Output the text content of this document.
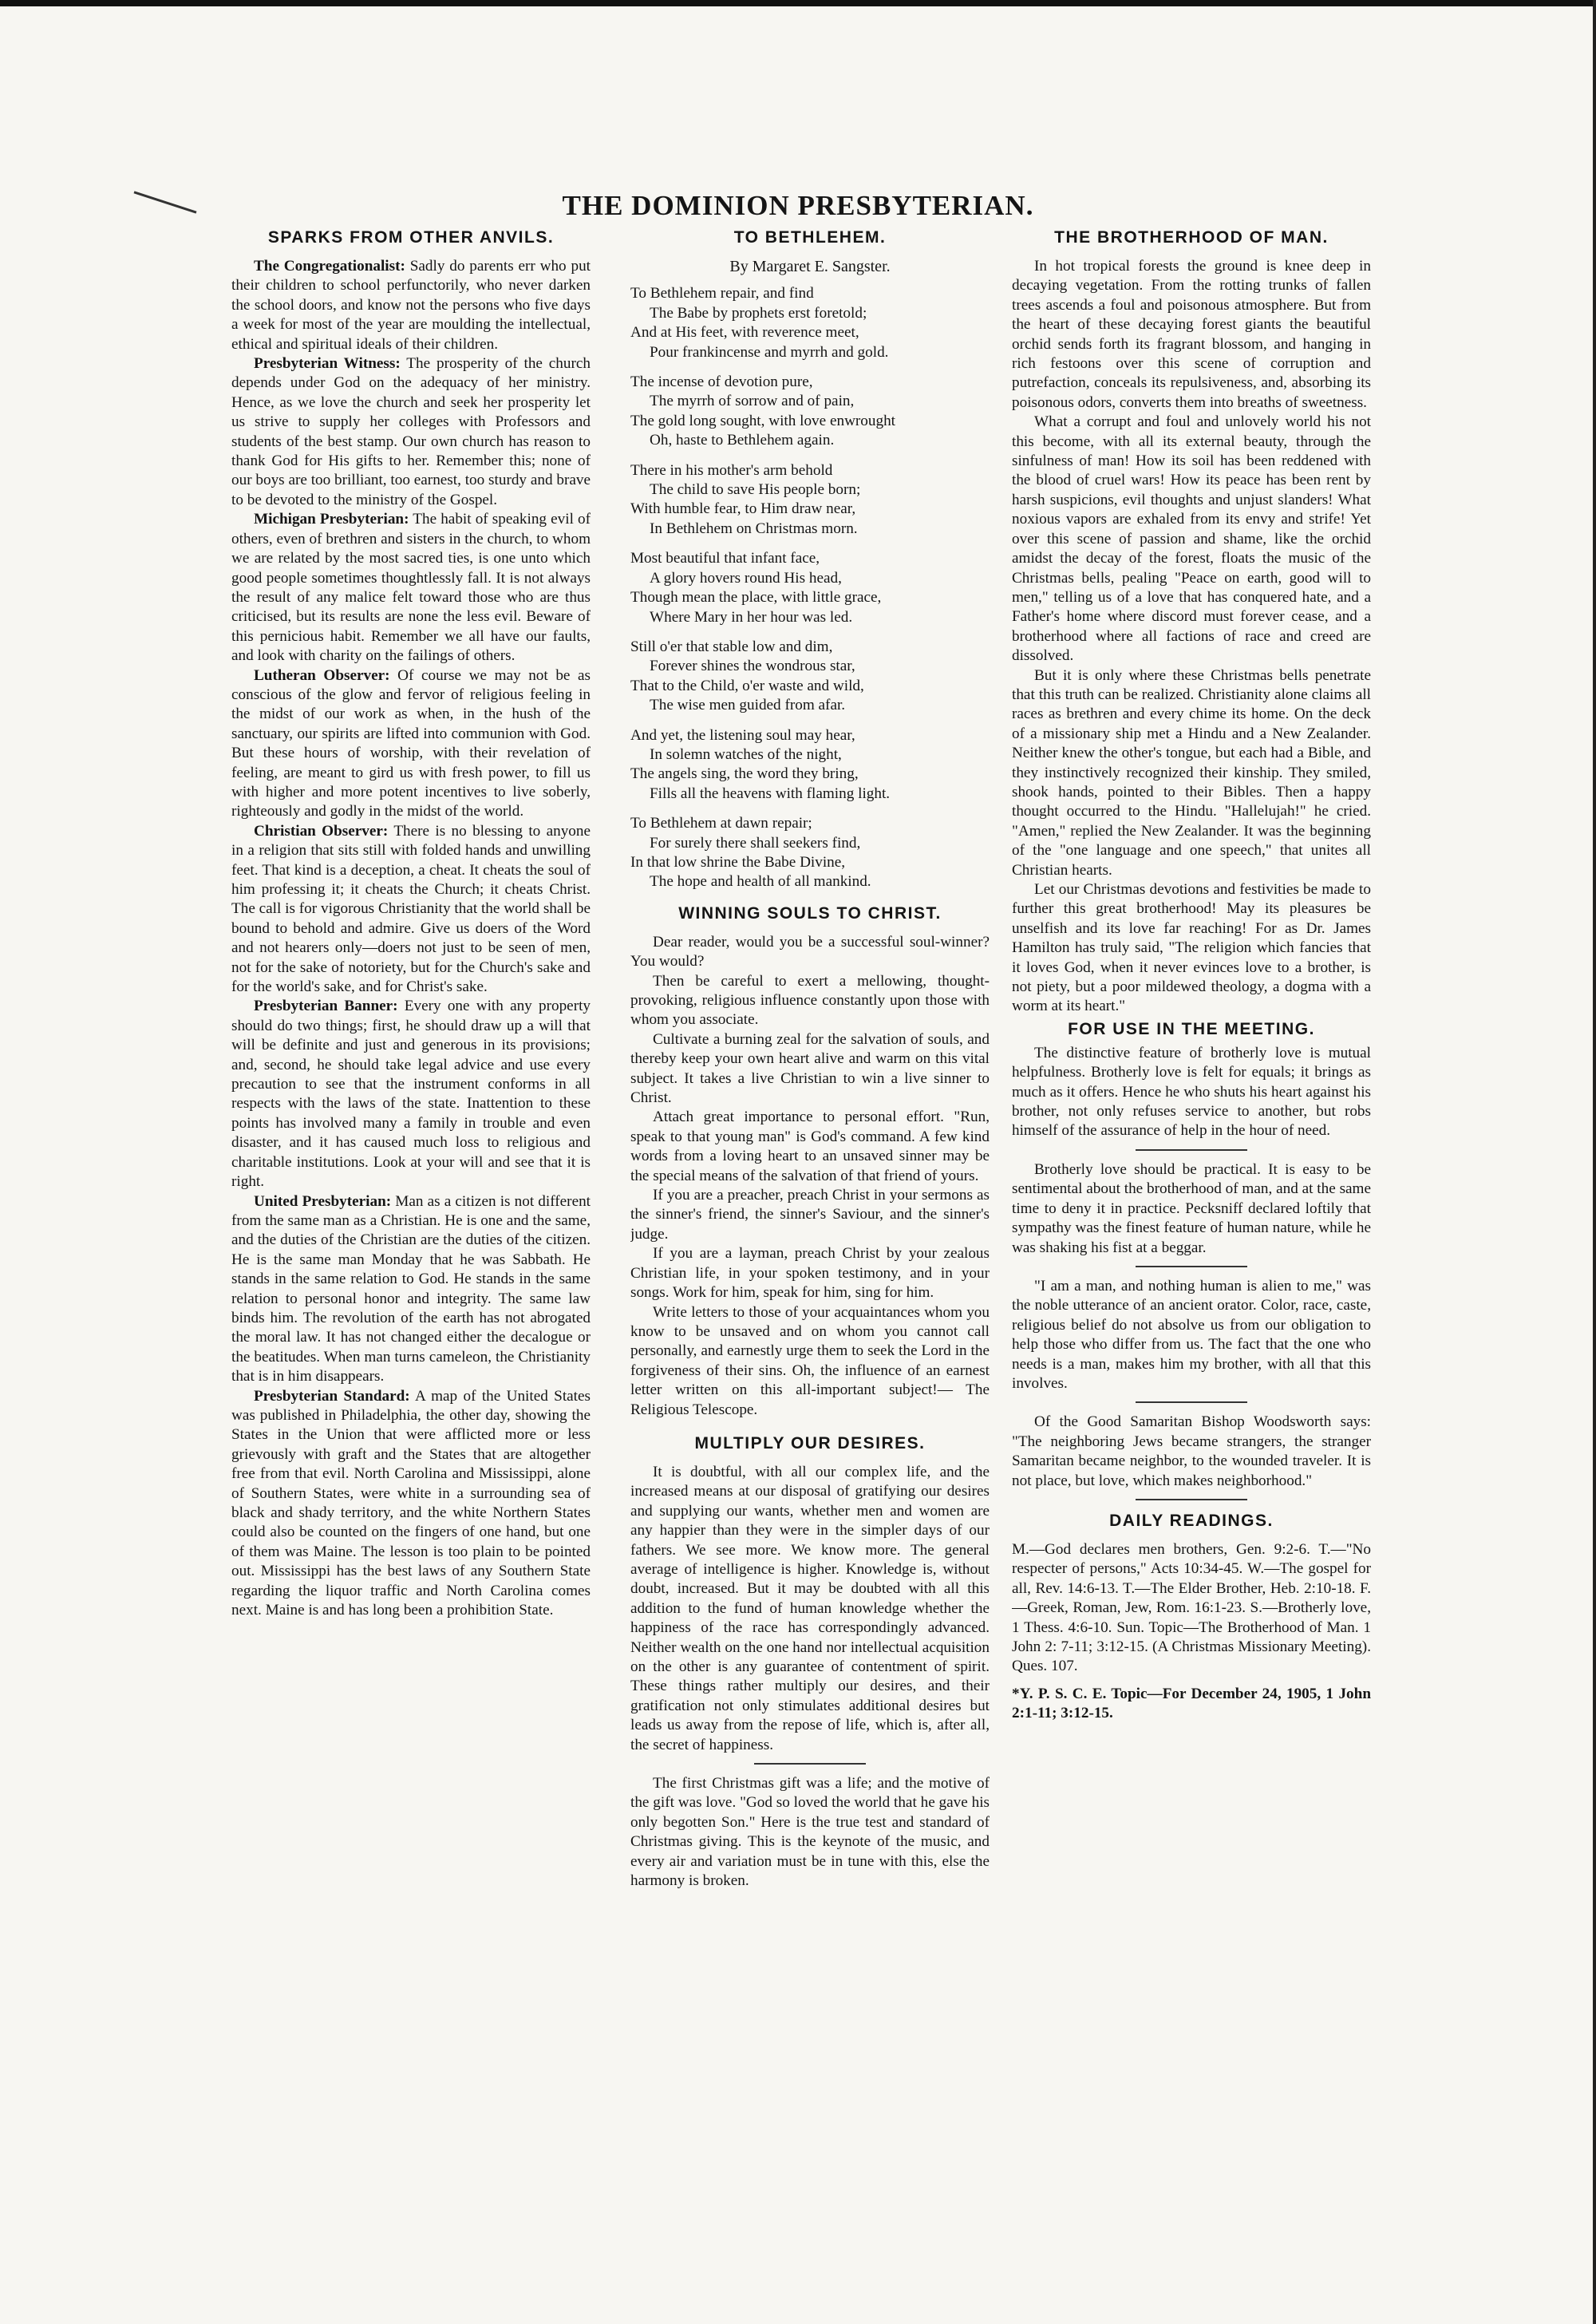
THE DOMINION PRESBYTERIAN.
SPARKS FROM OTHER ANVILS.

The Congregationalist: Sadly do parents err who put their children to school perfunctorily, who never darken the school doors, and know not the persons who five days a week for most of the year are moulding the intellectual, ethical and spiritual ideals of their children.

Presbyterian Witness: The prosperity of the church depends under God on the adequacy of her ministry. Hence, as we love the church and seek her prosperity let us strive to supply her colleges with Professors and students of the best stamp. Our own church has reason to thank God for His gifts to her. Remember this; none of our boys are too brilliant, too earnest, too sturdy and brave to be devoted to the ministry of the Gospel.

Michigan Presbyterian: The habit of speaking evil of others, even of brethren and sisters in the church, to whom we are related by the most sacred ties, is one unto which good people sometimes thoughtlessly fall. It is not always the result of any malice felt toward those who are thus criticised, but its results are none the less evil. Beware of this pernicious habit. Remember we all have our faults, and look with charity on the failings of others.

Lutheran Observer: Of course we may not be as conscious of the glow and fervor of religious feeling in the midst of our work as when, in the hush of the sanctuary, our spirits are lifted into communion with God. But these hours of worship, with their revelation of feeling, are meant to gird us with fresh power, to fill us with higher and more potent incentives to live soberly, righteously and godly in the midst of the world.

Christian Observer: There is no blessing to anyone in a religion that sits still with folded hands and unwilling feet. That kind is a deception, a cheat. It cheats the soul of him professing it; it cheats the Church; it cheats Christ. The call is for vigorous Christianity that the world shall be bound to behold and admire. Give us doers of the Word and not hearers only—doers not just to be seen of men, not for the sake of notoriety, but for the Church's sake and for the world's sake, and for Christ's sake.

Presbyterian Banner: Every one with any property should do two things; first, he should draw up a will that will be definite and just and generous in its provisions; and, second, he should take legal advice and use every precaution to see that the instrument conforms in all respects with the laws of the state. Inattention to these points has involved many a family in trouble and even disaster, and it has caused much loss to religious and charitable institutions. Look at your will and see that it is right.

United Presbyterian: Man as a citizen is not different from the same man as a Christian. He is one and the same, and the duties of the Christian are the duties of the citizen. He is the same man Monday that he was Sabbath. He stands in the same relation to God. He stands in the same relation to personal honor and integrity. The same law binds him. The revolution of the earth has not abrogated the moral law. It has not changed either the decalogue or the beatitudes. When man turns cameleon, the Christianity that is in him disappears.

Presbyterian Standard: A map of the United States was published in Philadelphia, the other day, showing the States in the Union that were afflicted more or less grievously with graft and the States that are altogether free from that evil. North Carolina and Mississippi, alone of Southern States, were white in a surrounding sea of black and shady territory, and the white Northern States could also be counted on the fingers of one hand, but one of them was Maine. The lesson is too plain to be pointed out. Mississippi has the best laws of any Southern State regarding the liquor traffic and North Carolina comes next. Maine is and has long been a prohibition State.

TO BETHLEHEM.

By Margaret E. Sangster.

To Bethlehem repair, and find
The Babe by prophets erst foretold;
And at His feet, with reverence meet,
Pour frankincense and myrrh and gold.
The incense of devotion pure,
The myrrh of sorrow and of pain,
The gold long sought, with love enwrought
Oh, haste to Bethlehem again.
There in his mother's arm behold
The child to save His people born;
With humble fear, to Him draw near,
In Bethlehem on Christmas morn.
Most beautiful that infant face,
A glory hovers round His head,
Though mean the place, with little grace,
Where Mary in her hour was led.
Still o'er that stable low and dim,
Forever shines the wondrous star,
That to the Child, o'er waste and wild,
The wise men guided from afar.
And yet, the listening soul may hear,
In solemn watches of the night,
The angels sing, the word they bring,
Fills all the heavens with flaming light.
To Bethlehem at dawn repair;
For surely there shall seekers find,
In that low shrine the Babe Divine,
The hope and health of all mankind.
WINNING SOULS TO CHRIST.

Dear reader, would you be a successful soul-winner? You would?

Then be careful to exert a mellowing, thought-provoking, religious influence constantly upon those with whom you associate.

Cultivate a burning zeal for the salvation of souls, and thereby keep your own heart alive and warm on this vital subject. It takes a live Christian to win a live sinner to Christ.

Attach great importance to personal effort. "Run, speak to that young man" is God's command. A few kind words from a loving heart to an unsaved sinner may be the special means of the salvation of that friend of yours.

If you are a preacher, preach Christ in your sermons as the sinner's friend, the sinner's Saviour, and the sinner's judge.

If you are a layman, preach Christ by your zealous Christian life, in your spoken testimony, and in your songs. Work for him, speak for him, sing for him.

Write letters to those of your acquaintances whom you know to be unsaved and on whom you cannot call personally, and earnestly urge them to seek the Lord in the forgiveness of their sins. Oh, the influence of an earnest letter written on this all-important subject!— The Religious Telescope.

MULTIPLY OUR DESIRES.

It is doubtful, with all our complex life, and the increased means at our disposal of gratifying our desires and supplying our wants, whether men and women are any happier than they were in the simpler days of our fathers. We see more. We know more. The general average of intelligence is higher. Knowledge is, without doubt, increased. But it may be doubted with all this addition to the fund of human knowledge whether the happiness of the race has correspondingly advanced. Neither wealth on the one hand nor intellectual acquisition on the other is any guarantee of contentment of spirit. These things rather multiply our desires, and their gratification not only stimulates additional desires but leads us away from the repose of life, which is, after all, the secret of happiness.

The first Christmas gift was a life; and the motive of the gift was love. "God so loved the world that he gave his only begotten Son." Here is the true test and standard of Christmas giving. This is the keynote of the music, and every air and variation must be in tune with this, else the harmony is broken.

THE BROTHERHOOD OF MAN.

In hot tropical forests the ground is knee deep in decaying vegetation. From the rotting trunks of fallen trees ascends a foul and poisonous atmosphere. But from the heart of these decaying forest giants the beautiful orchid sends forth its fragrant blossom, and hanging in rich festoons over this scene of corruption and putrefaction, conceals its repulsiveness, and, absorbing its poisonous odors, converts them into breaths of sweetness.

What a corrupt and foul and unlovely world his not this become, with all its external beauty, through the sinfulness of man! How its soil has been reddened with the blood of cruel wars! How its peace has been rent by harsh suspicions, evil thoughts and unjust slanders! What noxious vapors are exhaled from its envy and strife! Yet over this scene of passion and shame, like the orchid amidst the decay of the forest, floats the music of the Christmas bells, pealing "Peace on earth, good will to men," telling us of a love that has conquered hate, and a Father's home where discord must forever cease, and a brotherhood where all factions of race and creed are dissolved.

But it is only where these Christmas bells penetrate that this truth can be realized. Christianity alone claims all races as brethren and every chime its home. On the deck of a missionary ship met a Hindu and a New Zealander. Neither knew the other's tongue, but each had a Bible, and they instinctively recognized their kinship. They smiled, shook hands, pointed to their Bibles. Then a happy thought occurred to the Hindu. "Hallelujah!" he cried. "Amen," replied the New Zealander. It was the beginning of the "one language and one speech," that unites all Christian hearts.

Let our Christmas devotions and festivities be made to further this great brotherhood! May its pleasures be unselfish and its love far reaching! For as Dr. James Hamilton has truly said, "The religion which fancies that it loves God, when it never evinces love to a brother, is not piety, but a poor mildewed theology, a dogma with a worm at its heart."

FOR USE IN THE MEETING.

The distinctive feature of brotherly love is mutual helpfulness. Brotherly love is felt for equals; it brings as much as it offers. Hence he who shuts his heart against his brother, not only refuses service to another, but robs himself of the assurance of help in the hour of need.

Brotherly love should be practical. It is easy to be sentimental about the brotherhood of man, and at the same time to deny it in practice. Pecksniff declared loftily that sympathy was the finest feature of human nature, while he was shaking his fist at a beggar.

"I am a man, and nothing human is alien to me," was the noble utterance of an ancient orator. Color, race, caste, religious belief do not absolve us from our obligation to help those who differ from us. The fact that the one who needs is a man, makes him my brother, with all that this involves.

Of the Good Samaritan Bishop Woodsworth says: "The neighboring Jews became strangers, the stranger Samaritan became neighbor, to the wounded traveler. It is not place, but love, which makes neighborhood."

DAILY READINGS.

M.—God declares men brothers, Gen. 9:2-6. T.—"No respecter of persons," Acts 10:34-45. W.—The gospel for all, Rev. 14:6-13. T.—The Elder Brother, Heb. 2:10-18. F.—Greek, Roman, Jew, Rom. 16:1-23. S.—Brotherly love, 1 Thess. 4:6-10. Sun. Topic—The Brotherhood of Man. 1 John 2: 7-11; 3:12-15. (A Christmas Missionary Meeting). Ques. 107.

*Y. P. S. C. E. Topic—For December 24, 1905, 1 John 2:1-11; 3:12-15.
